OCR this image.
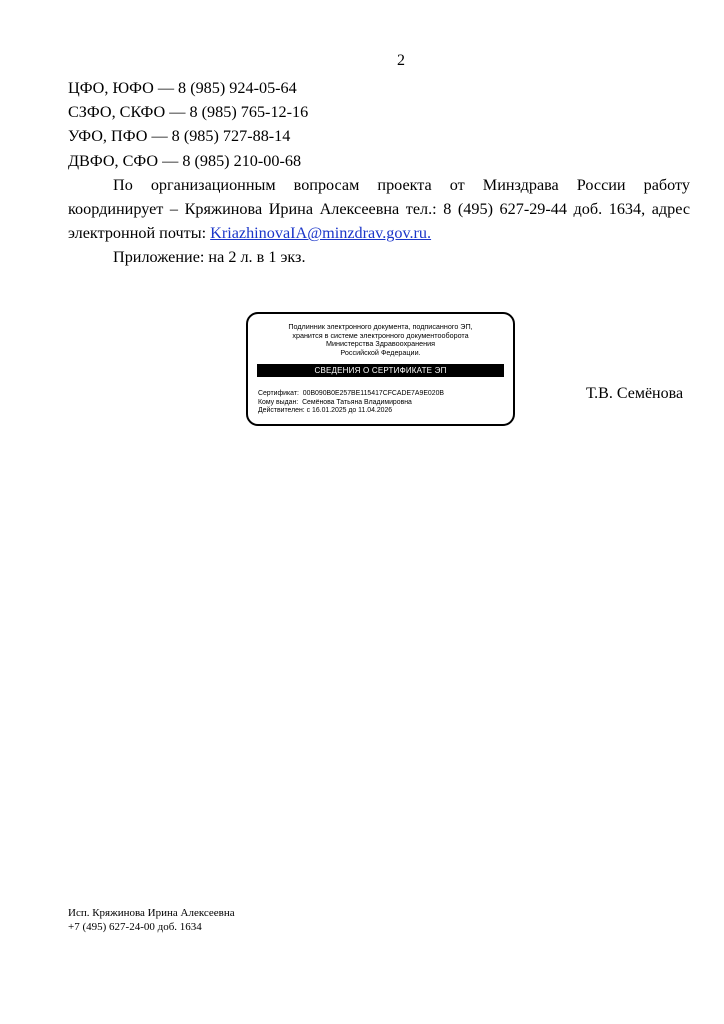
2
ЦФО, ЮФО — 8 (985) 924-05-64
СЗФО, СКФО — 8 (985) 765-12-16
УФО, ПФО — 8 (985) 727-88-14
ДВФО, СФО — 8 (985) 210-00-68
По организационным вопросам проекта от Минздрава России работу координирует – Кряжинова Ирина Алексеевна тел.: 8 (495) 627-29-44 доб. 1634, адрес электронной почты: KriazhinovaIA@minzdrav.gov.ru.
Приложение: на 2 л. в 1 экз.
Подлинник электронного документа, подписанного ЭП,
хранится в системе электронного документооборота
Министерства Здравоохранения
Российской Федерации.
СВЕДЕНИЯ О СЕРТИФИКАТЕ ЭП
Сертификат: 00B090B0E257BE115417CFCADE7A9E020B
Кому выдан: Семёнова Татьяна Владимировна
Действителен: с 16.01.2025 до 11.04.2026
Т.В. Семёнова
Исп. Кряжинова Ирина Алексеевна
+7 (495) 627-24-00 доб. 1634
